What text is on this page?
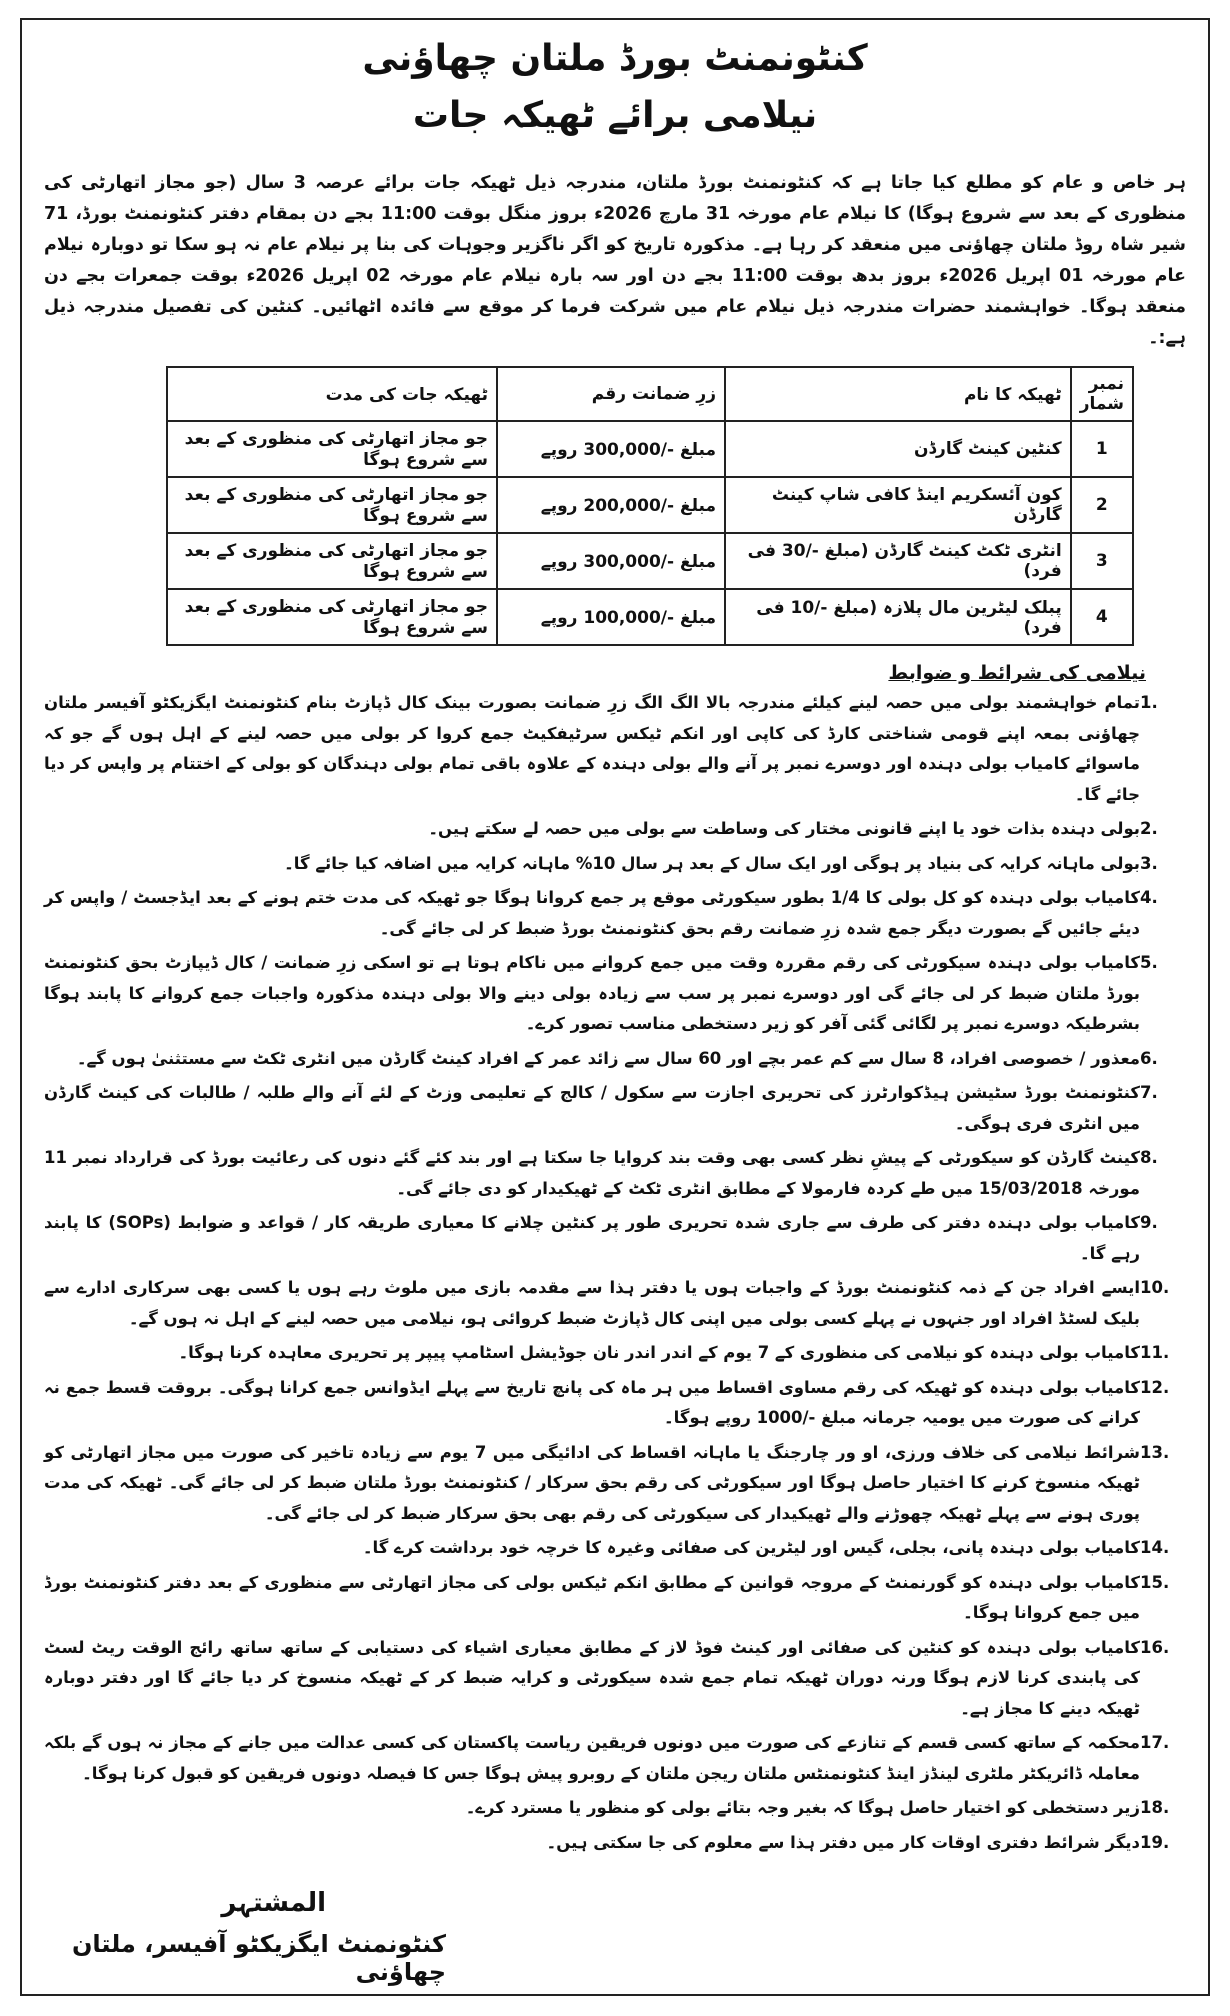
کنٹونمنٹ بورڈ ملتان چھاؤنی
نیلامی برائے ٹھیکہ جات

ہر خاص و عام کو مطلع کیا جاتا ہے کہ کنٹونمنٹ بورڈ ملتان، مندرجہ ذیل ٹھیکہ جات برائے عرصہ 3 سال (جو مجاز اتھارٹی کی منظوری کے بعد سے شروع ہوگا) کا نیلام عام مورخہ 31 مارچ 2026ء بروز منگل بوقت 11:00 بجے دن بمقام دفتر کنٹونمنٹ بورڈ، 71 شیر شاہ روڈ ملتان چھاؤنی میں منعقد کر رہا ہے۔ مذکورہ تاریخ کو اگر ناگزیر وجوہات کی بنا پر نیلام عام نہ ہو سکا تو دوبارہ نیلام عام مورخہ 01 اپریل 2026ء بروز بدھ بوقت 11:00 بجے دن اور سہ بارہ نیلام عام مورخہ 02 اپریل 2026ء بوقت جمعرات بجے دن منعقد ہوگا۔ خواہشمند حضرات مندرجہ ذیل نیلام عام میں شرکت فرما کر موقع سے فائدہ اٹھائیں۔ کنٹین کی تفصیل مندرجہ ذیل ہے:۔

نمبر شمار	ٹھیکہ کا نام	زرِ ضمانت رقم	ٹھیکہ جات کی مدت
1	کنٹین کینٹ گارڈن	مبلغ -/300,000 روپے	جو مجاز اتھارٹی کی منظوری کے بعد سے شروع ہوگا
2	کون آئسکریم اینڈ کافی شاپ کینٹ گارڈن	مبلغ -/200,000 روپے	جو مجاز اتھارٹی کی منظوری کے بعد سے شروع ہوگا
3	انٹری ٹکٹ کینٹ گارڈن (مبلغ -/30 فی فرد)	مبلغ -/300,000 روپے	جو مجاز اتھارٹی کی منظوری کے بعد سے شروع ہوگا
4	پبلک لیٹرین مال پلازہ (مبلغ -/10 فی فرد)	مبلغ -/100,000 روپے	جو مجاز اتھارٹی کی منظوری کے بعد سے شروع ہوگا
نیلامی کی شرائط و ضوابط
1.
تمام خواہشمند بولی میں حصہ لینے کیلئے مندرجہ بالا الگ الگ زرِ ضمانت بصورت بینک کال ڈپازٹ بنام کنٹونمنٹ ایگزیکٹو آفیسر ملتان چھاؤنی بمعہ اپنے قومی شناختی کارڈ کی کاپی اور انکم ٹیکس سرٹیفکیٹ جمع کروا کر بولی میں حصہ لینے کے اہل ہوں گے جو کہ ماسوائے کامیاب بولی دہندہ اور دوسرے نمبر پر آنے والے بولی دہندہ کے علاوہ باقی تمام بولی دہندگان کو بولی کے اختتام پر واپس کر دیا جائے گا۔
2.
بولی دہندہ بذات خود یا اپنے قانونی مختار کی وساطت سے بولی میں حصہ لے سکتے ہیں۔
3.
بولی ماہانہ کرایہ کی بنیاد پر ہوگی اور ایک سال کے بعد ہر سال 10% ماہانہ کرایہ میں اضافہ کیا جائے گا۔
4.
کامیاب بولی دہندہ کو کل بولی کا 1/4 بطور سیکورٹی موقع پر جمع کروانا ہوگا جو ٹھیکہ کی مدت ختم ہونے کے بعد ایڈجسٹ / واپس کر دیئے جائیں گے بصورت دیگر جمع شدہ زرِ ضمانت رقم بحق کنٹونمنٹ بورڈ ضبط کر لی جائے گی۔
5.
کامیاب بولی دہندہ سیکورٹی کی رقم مقررہ وقت میں جمع کروانے میں ناکام ہوتا ہے تو اسکی زرِ ضمانت / کال ڈیپازٹ بحق کنٹونمنٹ بورڈ ملتان ضبط کر لی جائے گی اور دوسرے نمبر پر سب سے زیادہ بولی دینے والا بولی دہندہ مذکورہ واجبات جمع کروانے کا پابند ہوگا بشرطیکہ دوسرے نمبر پر لگائی گئی آفر کو زیر دستخطی مناسب تصور کرے۔
6.
معذور / خصوصی افراد، 8 سال سے کم عمر بچے اور 60 سال سے زائد عمر کے افراد کینٹ گارڈن میں انٹری ٹکٹ سے مستثنیٰ ہوں گے۔
7.
کنٹونمنٹ بورڈ سٹیشن ہیڈکوارٹرز کی تحریری اجازت سے سکول / کالج کے تعلیمی وزٹ کے لئے آنے والے طلبہ / طالبات کی کینٹ گارڈن میں انٹری فری ہوگی۔
8.
کینٹ گارڈن کو سیکورٹی کے پیشِ نظر کسی بھی وقت بند کروایا جا سکتا ہے اور بند کئے گئے دنوں کی رعائیت بورڈ کی قرارداد نمبر 11 مورخہ 15/03/2018 میں طے کردہ فارمولا کے مطابق انٹری ٹکٹ کے ٹھیکیدار کو دی جائے گی۔
9.
کامیاب بولی دہندہ دفتر کی طرف سے جاری شدہ تحریری طور پر کنٹین چلانے کا معیاری طریقہ کار / قواعد و ضوابط (SOPs) کا پابند رہے گا۔
10.
ایسے افراد جن کے ذمہ کنٹونمنٹ بورڈ کے واجبات ہوں یا دفتر ہذا سے مقدمہ بازی میں ملوث رہے ہوں یا کسی بھی سرکاری ادارے سے بلیک لسٹڈ افراد اور جنہوں نے پہلے کسی بولی میں اپنی کال ڈپازٹ ضبط کروائی ہو، نیلامی میں حصہ لینے کے اہل نہ ہوں گے۔
11.
کامیاب بولی دہندہ کو نیلامی کی منظوری کے 7 یوم کے اندر اندر نان جوڈیشل اسٹامپ پیپر پر تحریری معاہدہ کرنا ہوگا۔
12.
کامیاب بولی دہندہ کو ٹھیکہ کی رقم مساوی اقساط میں ہر ماہ کی پانچ تاریخ سے پہلے ایڈوانس جمع کرانا ہوگی۔ بروقت قسط جمع نہ کرانے کی صورت میں یومیہ جرمانہ مبلغ -/1000 روپے ہوگا۔
13.
شرائط نیلامی کی خلاف ورزی، او ور چارجنگ یا ماہانہ اقساط کی ادائیگی میں 7 یوم سے زیادہ تاخیر کی صورت میں مجاز اتھارٹی کو ٹھیکہ منسوخ کرنے کا اختیار حاصل ہوگا اور سیکورٹی کی رقم بحق سرکار / کنٹونمنٹ بورڈ ملتان ضبط کر لی جائے گی۔ ٹھیکہ کی مدت پوری ہونے سے پہلے ٹھیکہ چھوڑنے والے ٹھیکیدار کی سیکورٹی کی رقم بھی بحق سرکار ضبط کر لی جائے گی۔
14.
کامیاب بولی دہندہ پانی، بجلی، گیس اور لیٹرین کی صفائی وغیرہ کا خرچہ خود برداشت کرے گا۔
15.
کامیاب بولی دہندہ کو گورنمنٹ کے مروجہ قوانین کے مطابق انکم ٹیکس بولی کی مجاز اتھارٹی سے منظوری کے بعد دفتر کنٹونمنٹ بورڈ میں جمع کروانا ہوگا۔
16.
کامیاب بولی دہندہ کو کنٹین کی صفائی اور کینٹ فوڈ لاز کے مطابق معیاری اشیاء کی دستیابی کے ساتھ ساتھ رائج الوقت ریٹ لسٹ کی پابندی کرنا لازم ہوگا ورنہ دوران ٹھیکہ تمام جمع شدہ سیکورٹی و کرایہ ضبط کر کے ٹھیکہ منسوخ کر دیا جائے گا اور دفتر دوبارہ ٹھیکہ دینے کا مجاز ہے۔
17.
محکمہ کے ساتھ کسی قسم کے تنازعے کی صورت میں دونوں فریقین ریاست پاکستان کی کسی عدالت میں جانے کے مجاز نہ ہوں گے بلکہ معاملہ ڈائریکٹر ملٹری لینڈز اینڈ کنٹونمنٹس ملتان ریجن ملتان کے روبرو پیش ہوگا جس کا فیصلہ دونوں فریقین کو قبول کرنا ہوگا۔
18.
زیر دستخطی کو اختیار حاصل ہوگا کہ بغیر وجہ بتائے بولی کو منظور یا مسترد کرے۔
19.
دیگر شرائط دفتری اوقات کار میں دفتر ہذا سے معلوم کی جا سکتی ہیں۔
المشتہر
کنٹونمنٹ ایگزیکٹو آفیسر، ملتان چھاؤنی
